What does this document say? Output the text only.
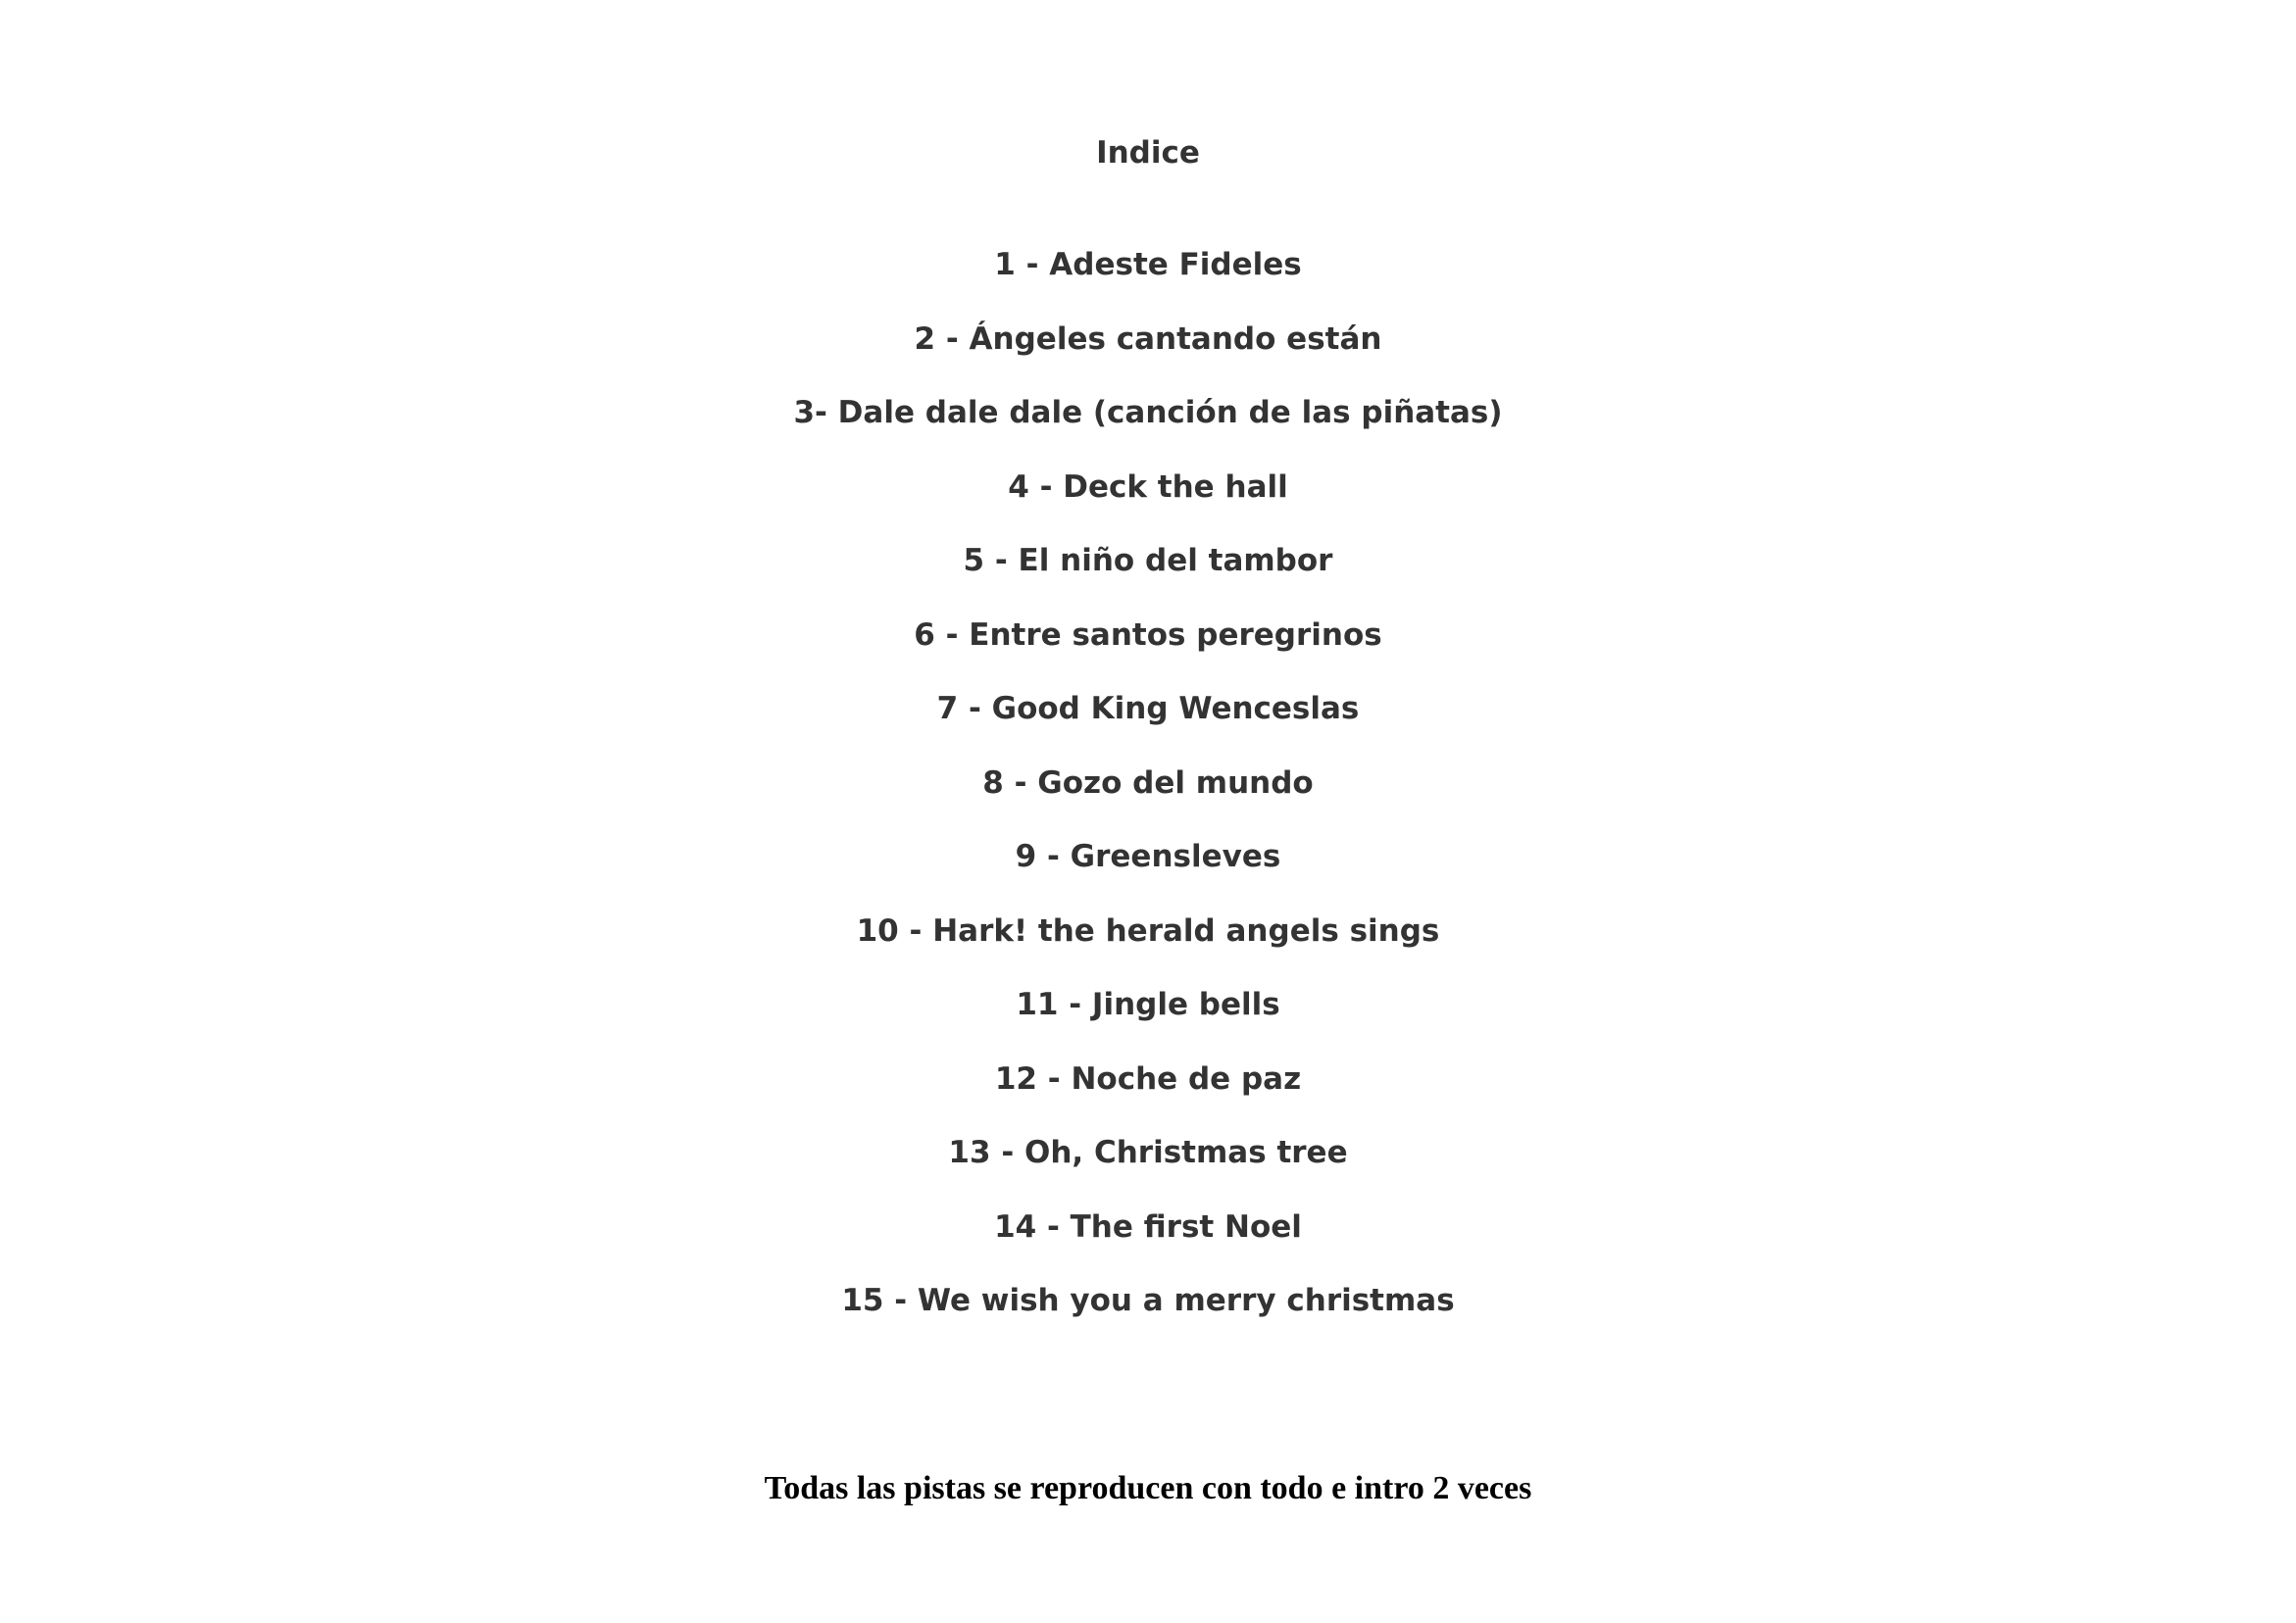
Indice
1 - Adeste Fideles
2 - Ángeles cantando están
3- Dale dale dale (canción de las piñatas)
4 - Deck the hall
5 - El niño del tambor
6 - Entre santos peregrinos
7 - Good King Wenceslas
8 - Gozo del mundo
9 - Greensleves
10 - Hark! the herald angels sings
11 - Jingle bells
12 - Noche de paz
13 - Oh, Christmas tree
14 - The first Noel
15 - We wish you a merry christmas
Todas las pistas se reproducen con todo e intro 2 veces
